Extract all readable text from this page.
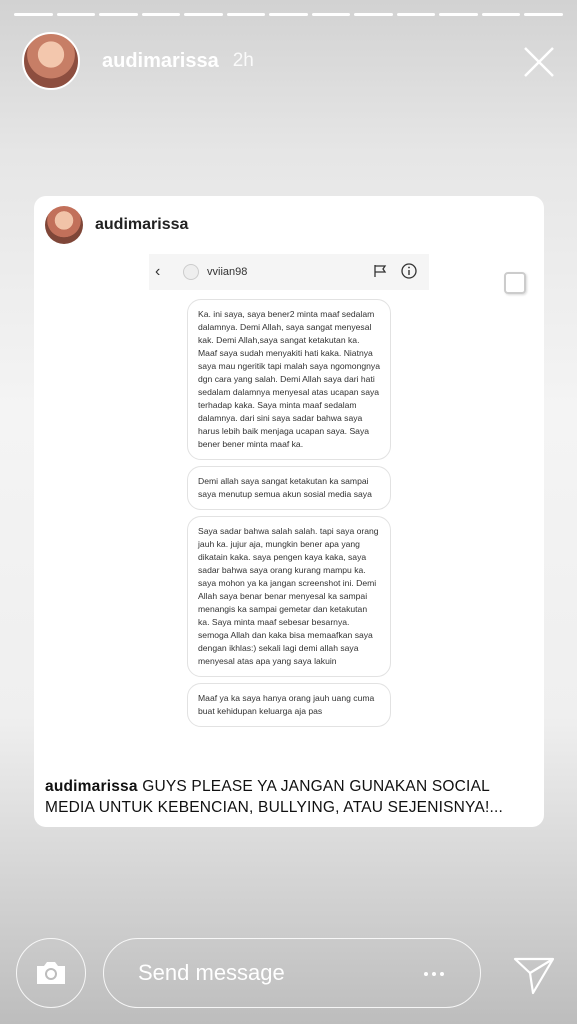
audimarissa 2h
audimarissa
‹	vviian98
Ka. ini saya, saya bener2 minta maaf sedalam dalamnya. Demi Allah, saya sangat menyesal kak. Demi Allah,saya sangat ketakutan ka. Maaf saya sudah menyakiti hati kaka. Niatnya saya mau ngeritik tapi malah saya ngomongnya dgn cara yang salah. Demi Allah saya dari hati sedalam dalamnya menyesal atas ucapan saya terhadap kaka. Saya minta maaf sedalam dalamnya. dari sini saya sadar bahwa saya harus lebih baik menjaga ucapan saya. Saya bener bener minta maaf ka.
Demi allah saya sangat ketakutan ka sampai saya menutup semua akun sosial media saya
Saya sadar bahwa salah salah. tapi saya orang jauh ka. jujur aja, mungkin bener apa yang dikatain kaka. saya pengen kaya kaka, saya sadar bahwa saya orang kurang mampu ka. saya mohon ya ka jangan screenshot ini. Demi Allah saya benar benar menyesal ka sampai menangis ka sampai gemetar dan ketakutan ka. Saya minta maaf sebesar besarnya. semoga Allah dan kaka bisa memaafkan saya dengan ikhlas:) sekali lagi demi allah saya menyesal atas apa yang saya lakuin
Maaf ya ka saya hanya orang jauh uang cuma buat kehidupan keluarga aja pas
audimarissa GUYS PLEASE YA JANGAN GUNAKAN SOCIAL MEDIA UNTUK KEBENCIAN, BULLYING, ATAU SEJENISNYA!...
Send message
